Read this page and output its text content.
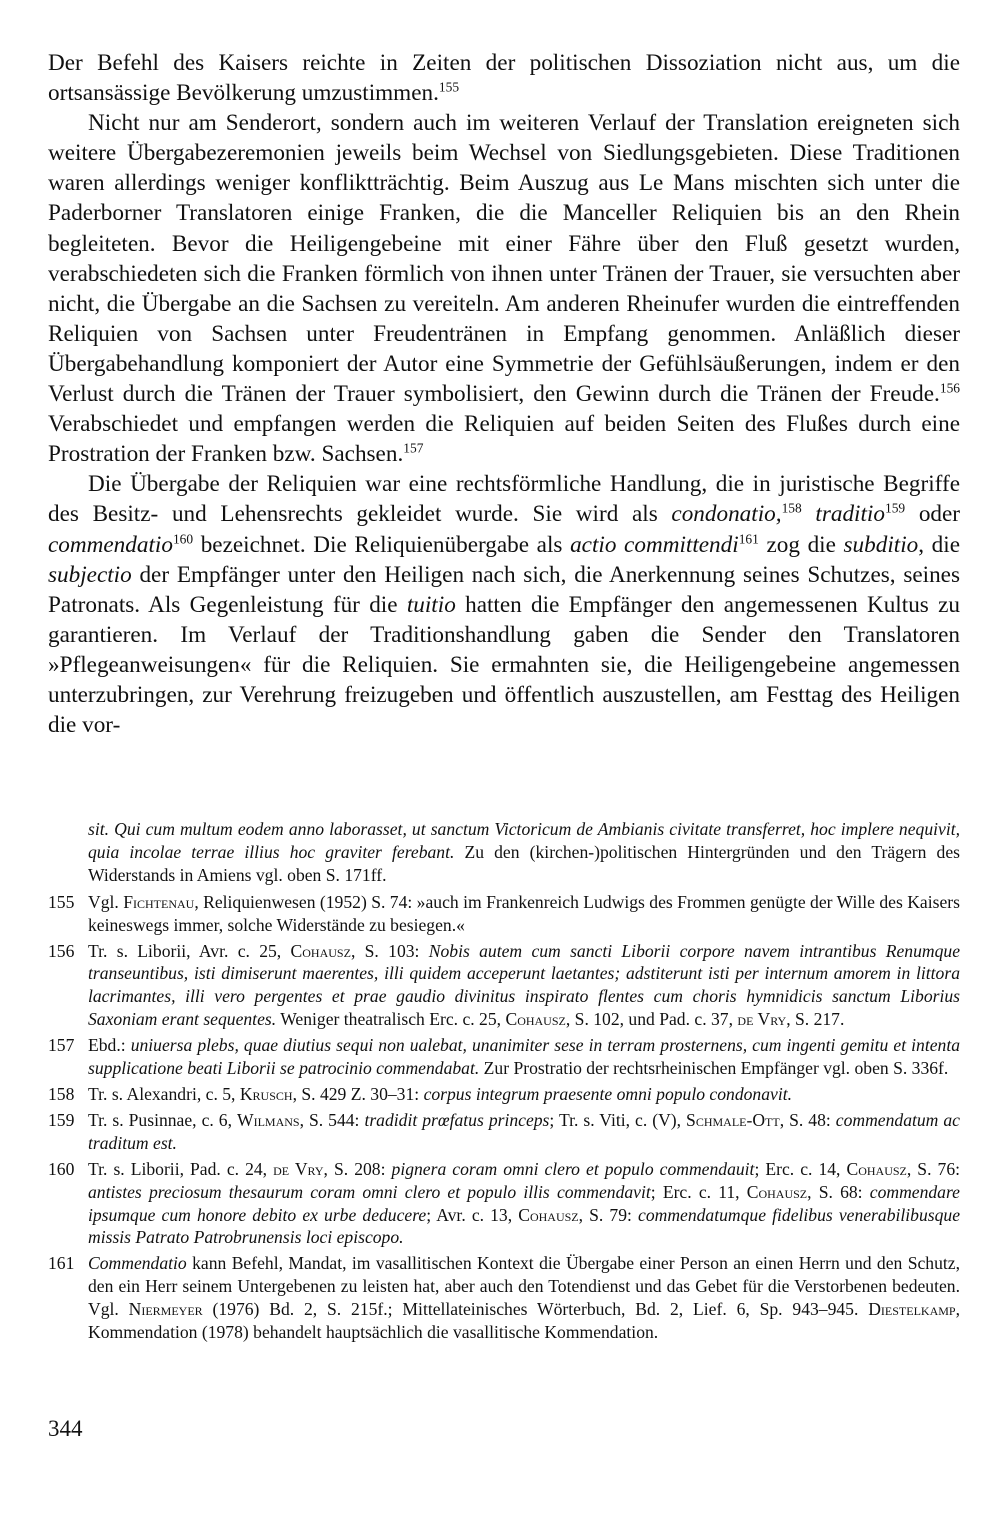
Der Befehl des Kaisers reichte in Zeiten der politischen Dissoziation nicht aus, um die ortsansässige Bevölkerung umzustimmen.$^{155}$

Nicht nur am Senderort, sondern auch im weiteren Verlauf der Translation ereigneten sich weitere Übergabezeremonien jeweils beim Wechsel von Siedlungsgebieten. Diese Traditionen waren allerdings weniger konfliktträchtig. Beim Auszug aus Le Mans mischten sich unter die Paderborner Translatoren einige Franken, die die Manceller Reliquien bis an den Rhein begleiteten. Bevor die Heiligengebeine mit einer Fähre über den Fluß gesetzt wurden, verabschiedeten sich die Franken förmlich von ihnen unter Tränen der Trauer, sie versuchten aber nicht, die Übergabe an die Sachsen zu vereiteln. Am anderen Rheinufer wurden die eintreffenden Reliquien von Sachsen unter Freudentränen in Empfang genommen. Anläßlich dieser Übergabehandlung komponiert der Autor eine Symmetrie der Gefühlsäußerungen, indem er den Verlust durch die Tränen der Trauer symbolisiert, den Gewinn durch die Tränen der Freude.$^{156}$ Verabschiedet und empfangen werden die Reliquien auf beiden Seiten des Flußes durch eine Prostration der Franken bzw. Sachsen.$^{157}$

Die Übergabe der Reliquien war eine rechtsförmliche Handlung, die in juristische Begriffe des Besitz- und Lehensrechts gekleidet wurde. Sie wird als condonatio,$^{158}$ traditio$^{159}$ oder commendatio$^{160}$ bezeichnet. Die Reliquienübergabe als actio committendi$^{161}$ zog die subditio, die subjectio der Empfänger unter den Heiligen nach sich, die Anerkennung seines Schutzes, seines Patronats. Als Gegenleistung für die tuitio hatten die Empfänger den angemessenen Kultus zu garantieren. Im Verlauf der Traditionshandlung gaben die Sender den Translatoren »Pflegeanweisungen« für die Reliquien. Sie ermahnten sie, die Heiligengebeine angemessen unterzubringen, zur Verehrung freizugeben und öffentlich auszustellen, am Festtag des Heiligen die vor-

sit. Qui cum multum eodem anno laborasset, ut sanctum Victoricum de Ambianis civitate transferret, hoc implere nequivit, quia incolae terrae illius hoc graviter ferebant. Zu den (kirchen-)politischen Hintergründen und den Trägern des Widerstands in Amiens vgl. oben S. 171ff.
155 Vgl. Fichtenau, Reliquienwesen (1952) S. 74: »auch im Frankenreich Ludwigs des Frommen genügte der Wille des Kaisers keineswegs immer, solche Widerstände zu besiegen.«
156 Tr. s. Liborii, Avr. c. 25, Cohausz, S. 103: Nobis autem cum sancti Liborii corpore navem intrantibus Renumque transeuntibus, isti dimiserunt maerentes, illi quidem acceperunt laetantes; adstiterunt isti per internum amorem in littora lacrimantes, illi vero pergentes et prae gaudio divinitus inspirato flentes cum choris hymnidicis sanctum Liborius Saxoniam erant sequentes. Weniger theatralisch Erc. c. 25, Cohausz, S. 102, und Pad. c. 37, de Vry, S. 217.
157 Ebd.: uniuersa plebs, quae diutius sequi non ualebat, unanimiter sese in terram prosternens, cum ingenti gemitu et intenta supplicatione beati Liborii se patrocinio commendabat. Zur Prostratio der rechtsrheinischen Empfänger vgl. oben S. 336f.
158 Tr. s. Alexandri, c. 5, Krusch, S. 429 Z. 30–31: corpus integrum praesente omni populo condonavit.
159 Tr. s. Pusinnae, c. 6, Wilmans, S. 544: tradidit prœfatus princeps; Tr. s. Viti, c. (V), Schmale-Ott, S. 48: commendatum ac traditum est.
160 Tr. s. Liborii, Pad. c. 24, de Vry, S. 208: pignera coram omni clero et populo commendauit; Erc. c. 14, Cohausz, S. 76: antistes preciosum thesaurum coram omni clero et populo illis commendavit; Erc. c. 11, Cohausz, S. 68: commendare ipsumque cum honore debito ex urbe deducere; Avr. c. 13, Cohausz, S. 79: commendatumque fidelibus venerabilibusque missis Patrato Patrobrunensis loci episcopo.
161 Commendatio kann Befehl, Mandat, im vasallitischen Kontext die Übergabe einer Person an einen Herrn und den Schutz, den ein Herr seinem Untergebenen zu leisten hat, aber auch den Totendienst und das Gebet für die Verstorbenen bedeuten. Vgl. Niermeyer (1976) Bd. 2, S. 215f.; Mittellateinisches Wörterbuch, Bd. 2, Lief. 6, Sp. 943–945. Diestelkamp, Kommendation (1978) behandelt hauptsächlich die vasallitische Kommendation.
344
